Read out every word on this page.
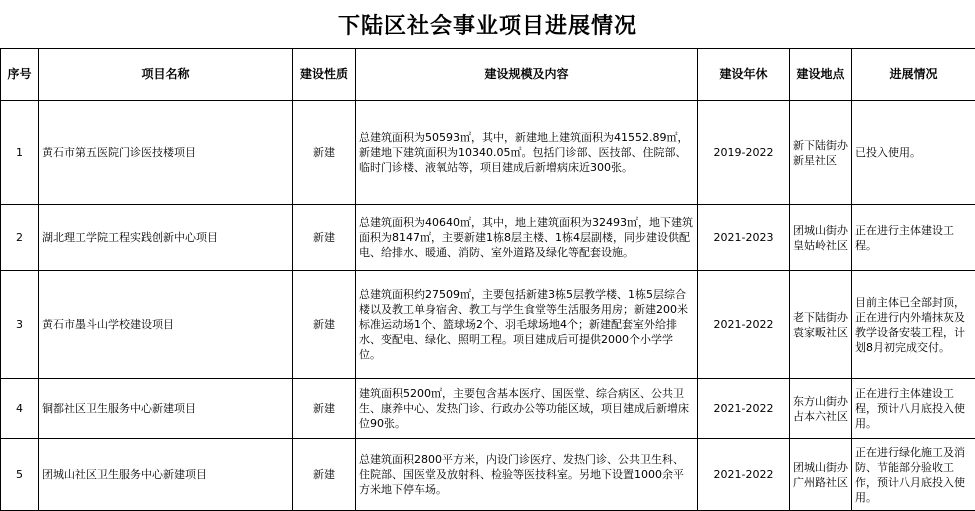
下陆区社会事业项目进展情况
序号	项目名称	建设性质	建设规模及内容	建设年休	建设地点	进展情况
1	黄石市第五医院门诊医技楼项目	新建	总建筑面积为50593㎡，其中，新建地上建筑面积为41552.89㎡，新建地下建筑面积为10340.05㎡。包括门诊部、医技部、住院部、临时门诊楼、液氧站等，项目建成后新增病床近300张。	2019-2022	新下陆街办新星社区	已投入使用。

2	湖北理工学院工程实践创新中心项目	新建	总建筑面积为40640㎡，其中，地上建筑面积为32493㎡，地下建筑面积为8147㎡，主要新建1栋8层主楼、1栋4层副楼，同步建设供配电、给排水、暖通、消防、室外道路及绿化等配套设施。	2021-2023	团城山街办皇姑岭社区	正在进行主体建设工程。

3	黄石市墨斗山学校建设项目	新建	总建筑面积约27509㎡，主要包括新建3栋5层教学楼、1栋5层综合楼以及教工单身宿舍、教工与学生食堂等生活服务用房；新建200米标准运动场1个、篮球场2个、羽毛球场地4个；新建配套室外给排水、变配电、绿化、照明工程。项目建成后可提供2000个小学学位。	2021-2022	老下陆街办袁家畈社区	目前主体已全部封顶，正在进行内外墙抹灰及教学设备安装工程，计划8月初完成交付。

4	铜都社区卫生服务中心新建项目	新建	建筑面积5200㎡，主要包含基本医疗、国医堂、综合病区、公共卫生、康养中心、发热门诊、行政办公等功能区域，项目建成后新增床位90张。	2021-2022	东方山街办占本六社区	正在进行主体建设工程，预计八月底投入使用。

5	团城山社区卫生服务中心新建项目	新建	总建筑面积2800平方米，内设门诊医疗、发热门诊、公共卫生科、住院部、国医堂及放射科、检验等医技科室。另地下设置1000余平方米地下停车场。	2021-2022	团城山街办广州路社区	正在进行绿化施工及消防、节能部分验收工作，预计八月底投入使用。
